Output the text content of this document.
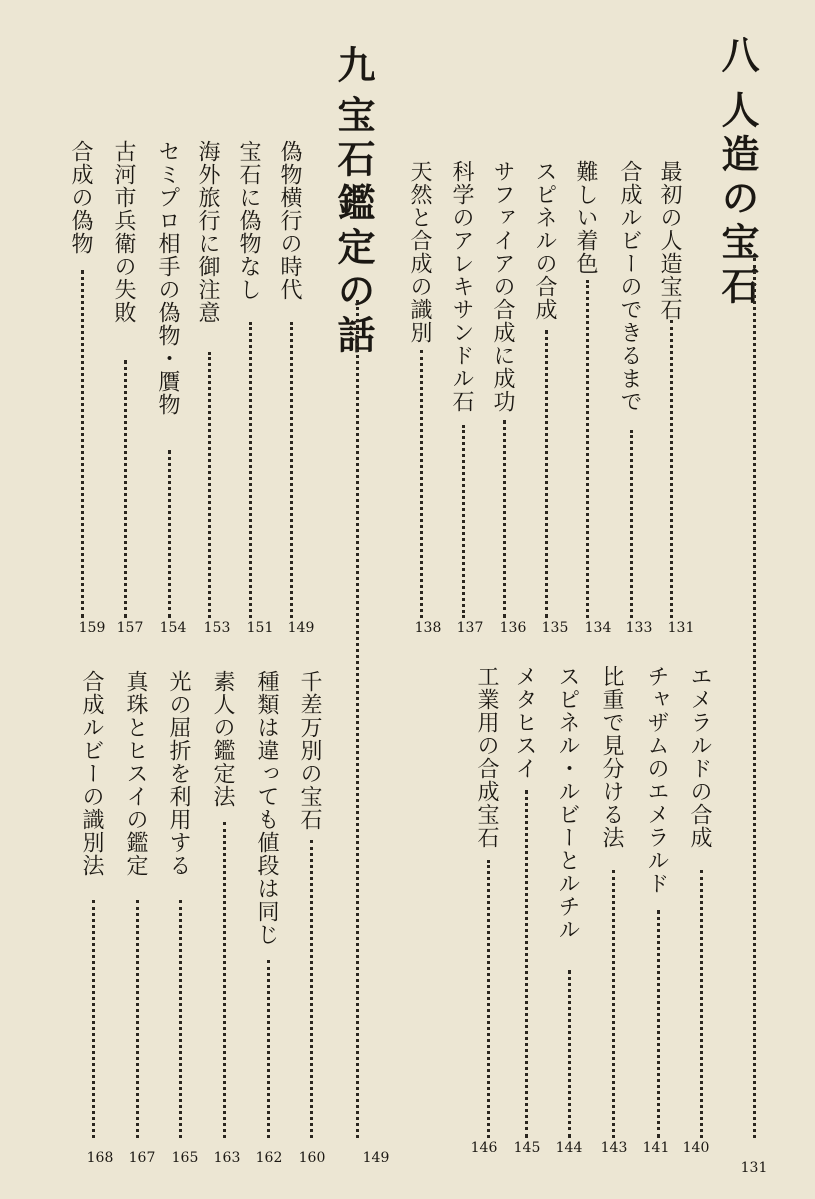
八
人造の宝石
131
最初の人造宝石
131
合成ルビーのできるまで
133
難しい着色
134
スピネルの合成
135
サファイアの合成に成功
136
科学のアレキサンドル石
137
天然と合成の識別
138
エメラルドの合成
140
チャザムのエメラルド
141
比重で見分ける法
143
スピネル・ルビーとルチル
144
メタヒスイ
145
工業用の合成宝石
146
九
宝石鑑定の話
149
偽物横行の時代
149
宝石に偽物なし
151
海外旅行に御注意
153
セミプロ相手の偽物・贋物
154
古河市兵衛の失敗
157
合成の偽物
159
千差万別の宝石
160
種類は違っても値段は同じ
162
素人の鑑定法
163
光の屈折を利用する
165
真珠とヒスイの鑑定
167
合成ルビーの識別法
168
